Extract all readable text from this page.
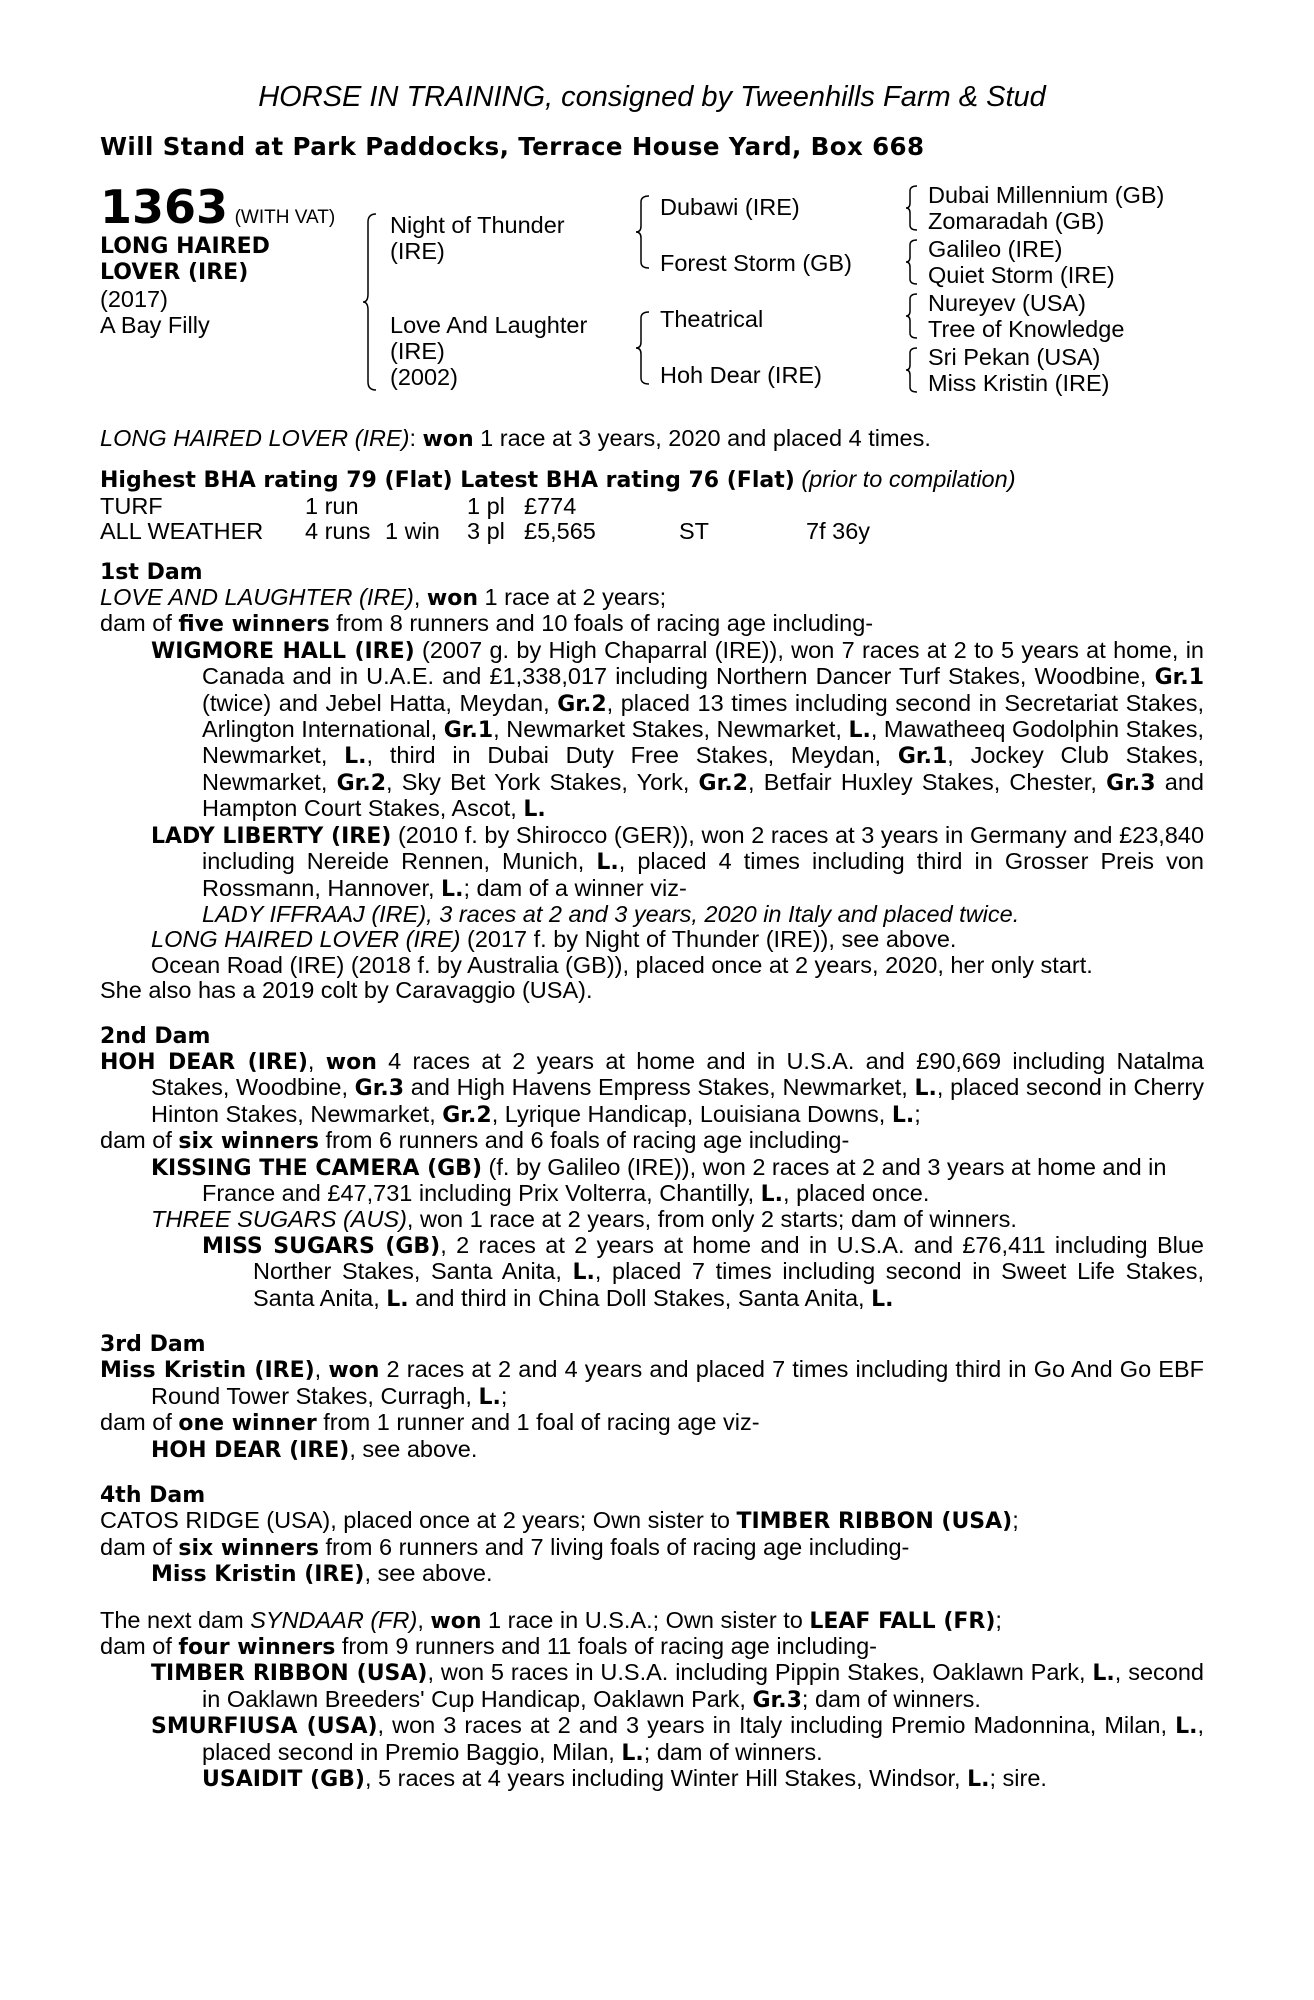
HORSE IN TRAINING, consigned by Tweenhills Farm & Stud
Will Stand at Park Paddocks, Terrace House Yard, Box 668
1363 (WITH VAT)
LONG HAIRED
LOVER (IRE)
(2017)
A Bay Filly
Night of Thunder
(IRE)
Love And Laughter
(IRE)
(2002)
Dubawi (IRE)
Forest Storm (GB)
Theatrical
Hoh Dear (IRE)
Dubai Millennium (GB)
Zomaradah (GB)
Galileo (IRE)
Quiet Storm (IRE)
Nureyev (USA)
Tree of Knowledge
Sri Pekan (USA)
Miss Kristin (IRE)

LONG HAIRED LOVER (IRE): won 1 race at 3 years, 2020 and placed 4 times.

Highest BHA rating 79 (Flat) Latest BHA rating 76 (Flat) (prior to compilation)

TURF	1 run		1 pl	£774		
ALL WEATHER	4 runs	1 win	3 pl	£5,565	ST	7f 36y
1st Dam

LOVE AND LAUGHTER (IRE), won 1 race at 2 years;

dam of five winners from 8 runners and 10 foals of racing age including-

WIGMORE HALL (IRE) (2007 g. by High Chaparral (IRE)), won 7 races at 2 to 5 years at home, in Canada and in U.A.E. and £1,338,017 including Northern Dancer Turf Stakes, Woodbine, Gr.1 (twice) and Jebel Hatta, Meydan, Gr.2, placed 13 times including second in Secretariat Stakes, Arlington International, Gr.1, Newmarket Stakes, Newmarket, L., Mawatheeq Godolphin Stakes, Newmarket, L., third in Dubai Duty Free Stakes, Meydan, Gr.1, Jockey Club Stakes, Newmarket, Gr.2, Sky Bet York Stakes, York, Gr.2, Betfair Huxley Stakes, Chester, Gr.3 and Hampton Court Stakes, Ascot, L.

LADY LIBERTY (IRE) (2010 f. by Shirocco (GER)), won 2 races at 3 years in Germany and £23,840 including Nereide Rennen, Munich, L., placed 4 times including third in Grosser Preis von Rossmann, Hannover, L.; dam of a winner viz-

LADY IFFRAAJ (IRE), 3 races at 2 and 3 years, 2020 in Italy and placed twice.

LONG HAIRED LOVER (IRE) (2017 f. by Night of Thunder (IRE)), see above.

Ocean Road (IRE) (2018 f. by Australia (GB)), placed once at 2 years, 2020, her only start.

She also has a 2019 colt by Caravaggio (USA).

2nd Dam

HOH DEAR (IRE), won 4 races at 2 years at home and in U.S.A. and £90,669 including Natalma Stakes, Woodbine, Gr.3 and High Havens Empress Stakes, Newmarket, L., placed second in Cherry Hinton Stakes, Newmarket, Gr.2, Lyrique Handicap, Louisiana Downs, L.;

dam of six winners from 6 runners and 6 foals of racing age including-

KISSING THE CAMERA (GB) (f. by Galileo (IRE)), won 2 races at 2 and 3 years at home and in France and £47,731 including Prix Volterra, Chantilly, L., placed once.

THREE SUGARS (AUS), won 1 race at 2 years, from only 2 starts; dam of winners.

MISS SUGARS (GB), 2 races at 2 years at home and in U.S.A. and £76,411 including Blue Norther Stakes, Santa Anita, L., placed 7 times including second in Sweet Life Stakes, Santa Anita, L. and third in China Doll Stakes, Santa Anita, L.

3rd Dam

Miss Kristin (IRE), won 2 races at 2 and 4 years and placed 7 times including third in Go And Go EBF Round Tower Stakes, Curragh, L.;

dam of one winner from 1 runner and 1 foal of racing age viz-

HOH DEAR (IRE), see above.

4th Dam

CATOS RIDGE (USA), placed once at 2 years; Own sister to TIMBER RIBBON (USA);

dam of six winners from 6 runners and 7 living foals of racing age including-

Miss Kristin (IRE), see above.

The next dam SYNDAAR (FR), won 1 race in U.S.A.; Own sister to LEAF FALL (FR);

dam of four winners from 9 runners and 11 foals of racing age including-

TIMBER RIBBON (USA), won 5 races in U.S.A. including Pippin Stakes, Oaklawn Park, L., second in Oaklawn Breeders' Cup Handicap, Oaklawn Park, Gr.3; dam of winners.

SMURFIUSA (USA), won 3 races at 2 and 3 years in Italy including Premio Madonnina, Milan, L., placed second in Premio Baggio, Milan, L.; dam of winners.

USAIDIT (GB), 5 races at 4 years including Winter Hill Stakes, Windsor, L.; sire.
